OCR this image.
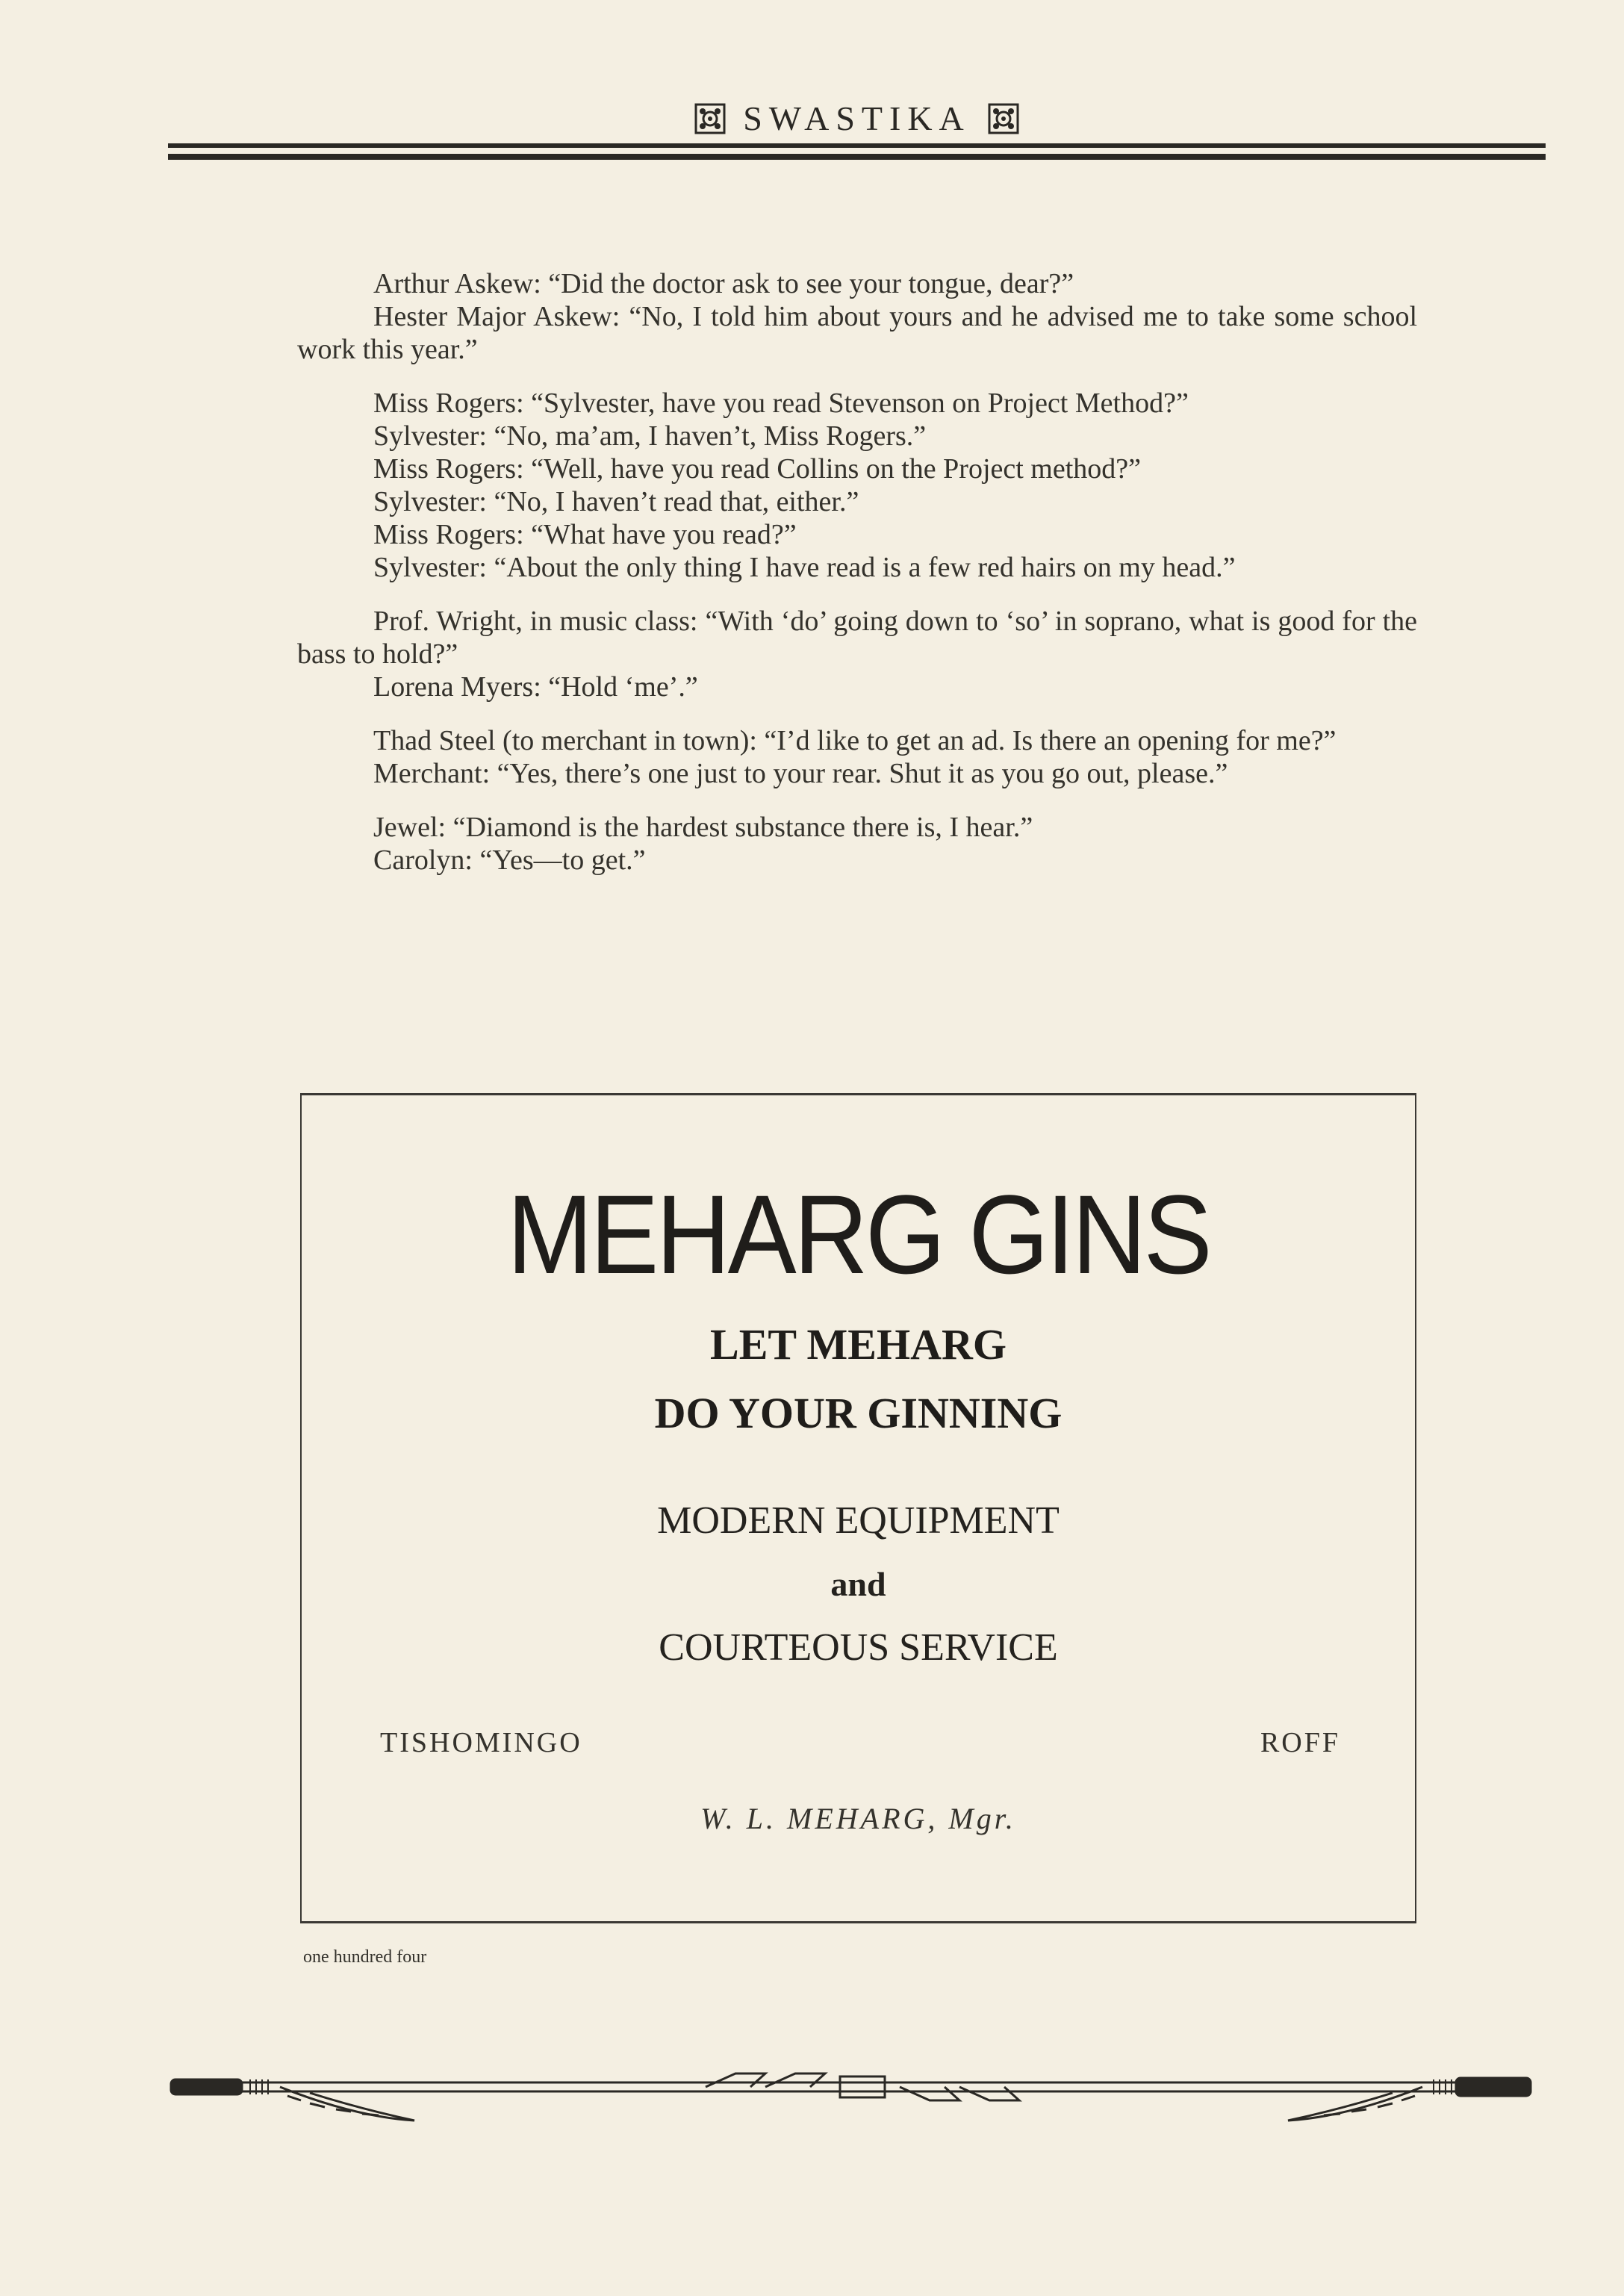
SWASTIKA

Arthur Askew: “Did the doctor ask to see your tongue, dear?”

Hester Major Askew: “No, I told him about yours and he advised me to take some school work this year.”

Miss Rogers: “Sylvester, have you read Stevenson on Project Method?”

Sylvester: “No, ma’am, I haven’t, Miss Rogers.”

Miss Rogers: “Well, have you read Collins on the Project method?”

Sylvester: “No, I haven’t read that, either.”

Miss Rogers: “What have you read?”

Sylvester: “About the only thing I have read is a few red hairs on my head.”

Prof. Wright, in music class: “With ‘do’ going down to ‘so’ in soprano, what is good for the bass to hold?”

Lorena Myers: “Hold ‘me’.”

Thad Steel (to merchant in town): “I’d like to get an ad. Is there an opening for me?”

Merchant: “Yes, there’s one just to your rear. Shut it as you go out, please.”

Jewel: “Diamond is the hardest substance there is, I hear.”

Carolyn: “Yes—to get.”

MEHARG GINS
LET MEHARG
DO YOUR GINNING
MODERN EQUIPMENT
and
COURTEOUS SERVICE
TISHOMINGO	ROFF
W. L. MEHARG, Mgr.
one hundred four
